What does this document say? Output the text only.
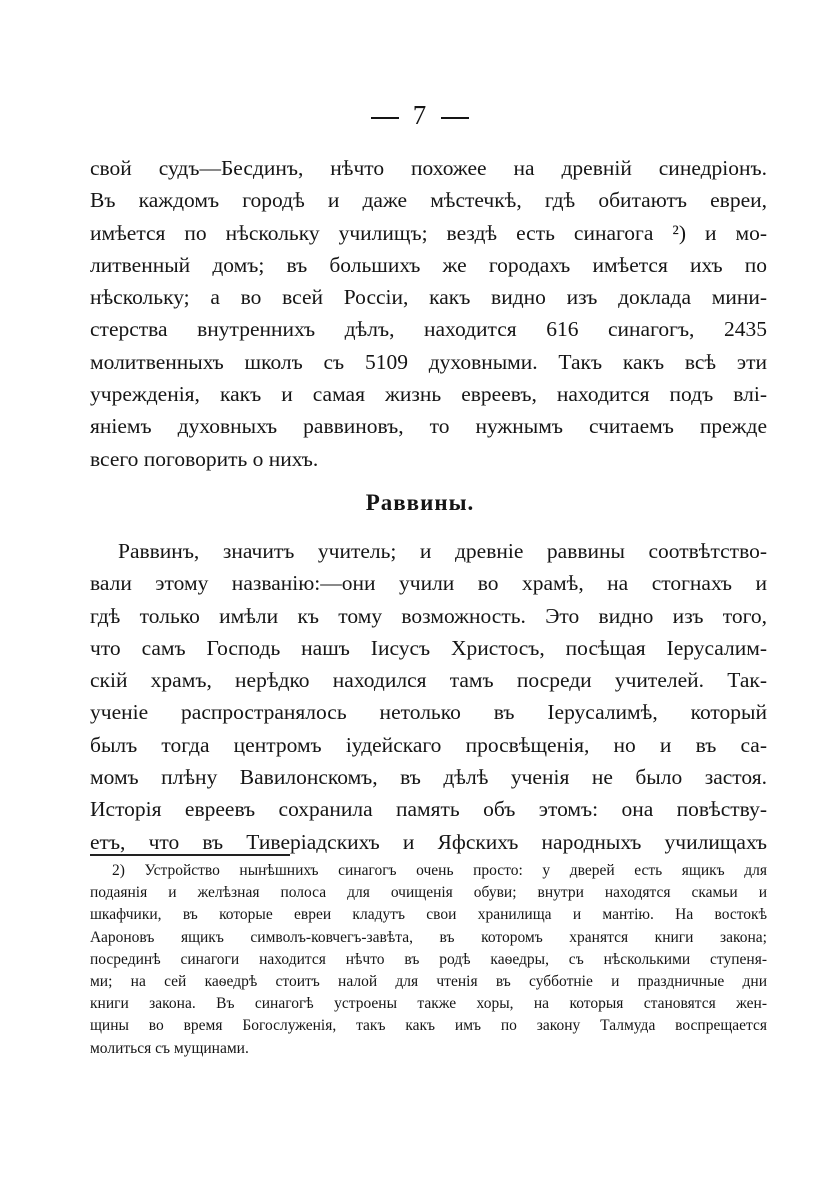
7
свой судъ—Бесдинъ, нѣчто похожее на древній синедріонъ.
Въ каждомъ городѣ и даже мѣстечкѣ, гдѣ обитаютъ евреи,
имѣется по нѣскольку училищъ; вездѣ есть синагога ²) и мо-
литвенный домъ; въ большихъ же городахъ имѣется ихъ по
нѣскольку; а во всей Россіи, какъ видно изъ доклада мини-
стерства внутреннихъ дѣлъ, находится 616 синагогъ, 2435
молитвенныхъ школъ съ 5109 духовными. Такъ какъ всѣ эти
учрежденія, какъ и самая жизнь евреевъ, находится подъ влі-
яніемъ духовныхъ раввиновъ, то нужнымъ считаемъ прежде
всего поговорить о нихъ.
Раввины.
Раввинъ, значитъ учитель; и древніе раввины соотвѣтство-
вали этому названію:—они учили во храмѣ, на стогнахъ и
гдѣ только имѣли къ тому возможность. Это видно изъ того,
что самъ Господь нашъ Іисусъ Христосъ, посѣщая Іерусалим-
скій храмъ, нерѣдко находился тамъ посреди учителей. Так-
ученіе распространялось нетолько въ Іерусалимѣ, который
былъ тогда центромъ іудейскаго просвѣщенія, но и въ са-
момъ плѣну Вавилонскомъ, въ дѣлѣ ученія не было застоя.
Исторія евреевъ сохранила память объ этомъ: она повѣству-
етъ, что въ Тиверіадскихъ и Яфскихъ народныхъ училищахъ
2) Устройство нынѣшнихъ синагогъ очень просто: у дверей есть ящикъ для
подаянія и желѣзная полоса для очищенія обуви; внутри находятся скамьи и
шкафчики, въ которые евреи кладутъ свои хранилища и мантію. На востокѣ
Аароновъ ящикъ символъ-ковчегъ-завѣта, въ которомъ хранятся книги закона;
посрединѣ синагоги находится нѣчто въ родѣ каѳедры, съ нѣсколькими ступеня-
ми; на сей каѳедрѣ стоитъ налой для чтенія въ субботніе и праздничные дни
книги закона. Въ синагогѣ устроены также хоры, на которыя становятся жен-
щины во время Богослуженія, такъ какъ имъ по закону Талмуда воспрещается
молиться съ мущинами.
